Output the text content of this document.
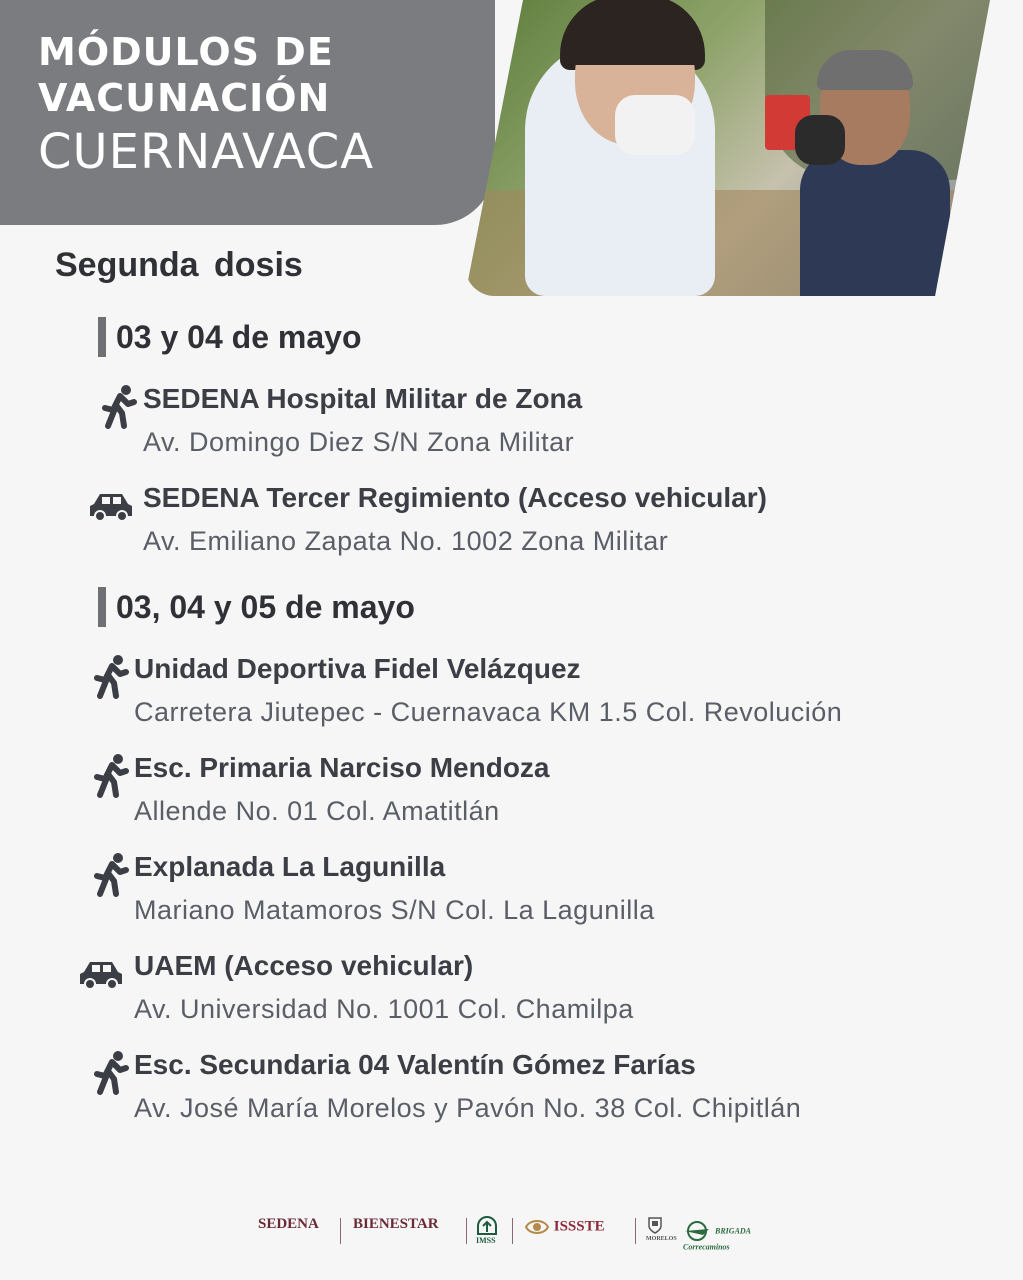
MÓDULOS DE
VACUNACIÓN
CUERNAVACA
Segunda dosis
03 y 04 de mayo
SEDENA Hospital Militar de Zona
Av. Domingo Diez S/N Zona Militar
SEDENA Tercer Regimiento (Acceso vehicular)
Av. Emiliano Zapata No. 1002 Zona Militar
03, 04 y 05 de mayo
Unidad Deportiva Fidel Velázquez
Carretera Jiutepec - Cuernavaca KM 1.5 Col. Revolución
Esc. Primaria Narciso Mendoza
Allende No. 01 Col. Amatitlán
Explanada La Lagunilla
Mariano Matamoros S/N Col. La Lagunilla
UAEM (Acceso vehicular)
Av. Universidad No. 1001 Col. Chamilpa
Esc. Secundaria 04 Valentín Gómez Farías
Av. José María Morelos y Pavón No. 38 Col. Chipitlán
SEDENA BIENESTAR
IMSS
ISSSTE
MORELOS
BRIGADA Correcaminos
